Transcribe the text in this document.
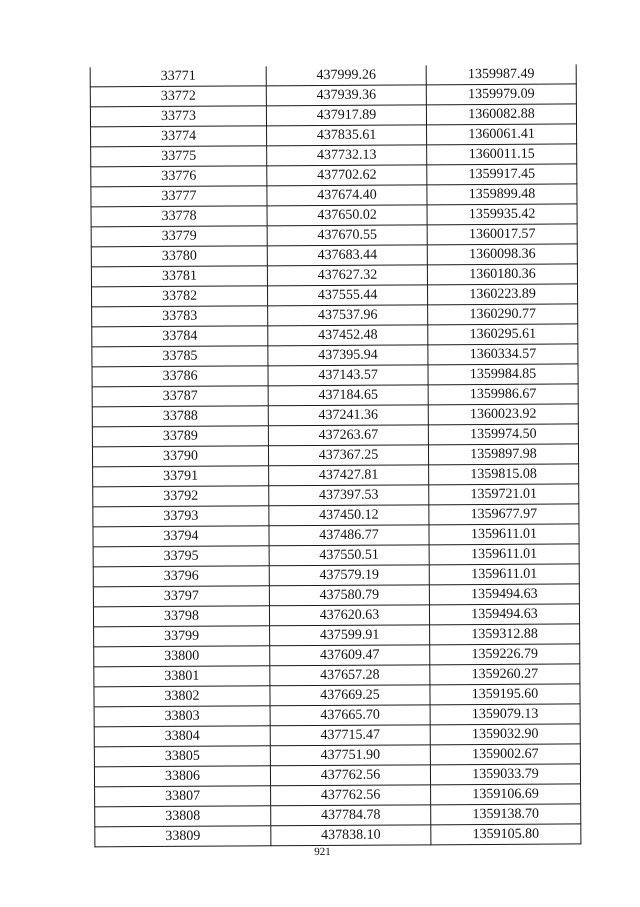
33771	437999.26	1359987.49
33772	437939.36	1359979.09
33773	437917.89	1360082.88
33774	437835.61	1360061.41
33775	437732.13	1360011.15
33776	437702.62	1359917.45
33777	437674.40	1359899.48
33778	437650.02	1359935.42
33779	437670.55	1360017.57
33780	437683.44	1360098.36
33781	437627.32	1360180.36
33782	437555.44	1360223.89
33783	437537.96	1360290.77
33784	437452.48	1360295.61
33785	437395.94	1360334.57
33786	437143.57	1359984.85
33787	437184.65	1359986.67
33788	437241.36	1360023.92
33789	437263.67	1359974.50
33790	437367.25	1359897.98
33791	437427.81	1359815.08
33792	437397.53	1359721.01
33793	437450.12	1359677.97
33794	437486.77	1359611.01
33795	437550.51	1359611.01
33796	437579.19	1359611.01
33797	437580.79	1359494.63
33798	437620.63	1359494.63
33799	437599.91	1359312.88
33800	437609.47	1359226.79
33801	437657.28	1359260.27
33802	437669.25	1359195.60
33803	437665.70	1359079.13
33804	437715.47	1359032.90
33805	437751.90	1359002.67
33806	437762.56	1359033.79
33807	437762.56	1359106.69
33808	437784.78	1359138.70
33809	437838.10	1359105.80
921
